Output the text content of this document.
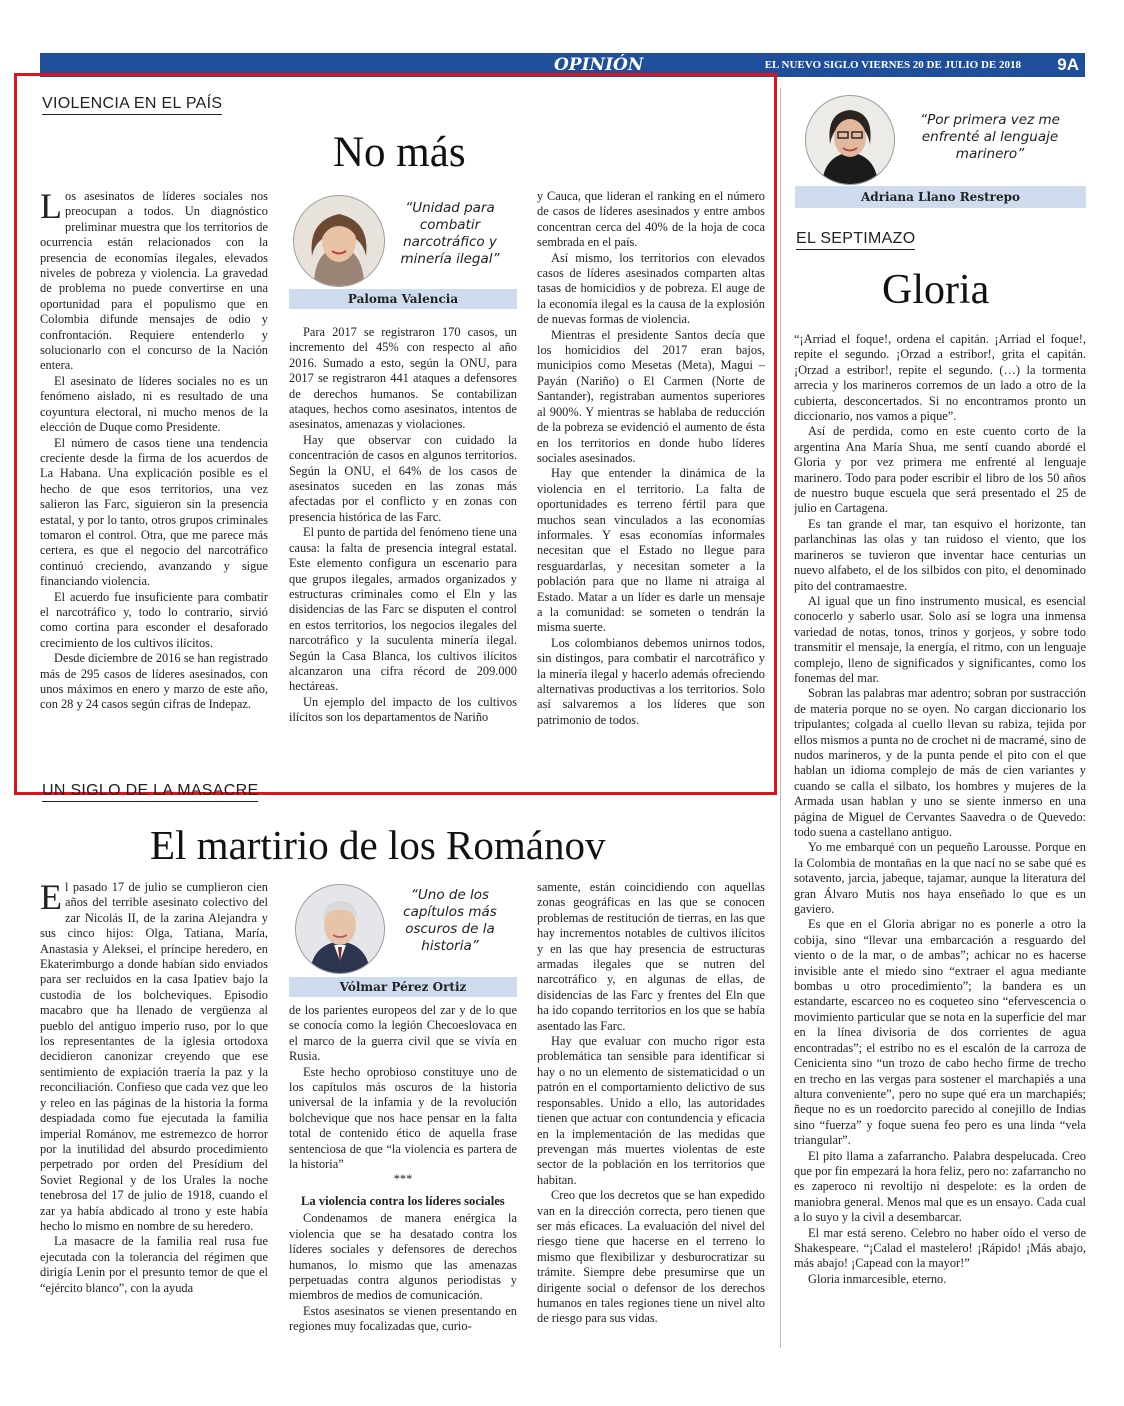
OPINIÓN	EL NUEVO SIGLO VIERNES 20 DE JULIO DE 2018 9A
VIOLENCIA EN EL PAÍS
No más

Los asesinatos de líderes sociales nos preocupan a todos. Un diagnóstico preliminar muestra que los territorios de ocurrencia están relacionados con la presencia de economías ilegales, elevados niveles de pobreza y violencia. La gravedad de problema no puede convertirse en una oportunidad para el populismo que en Colombia difunde mensajes de odio y confrontación. Requiere entenderlo y solucionarlo con el concurso de la Nación entera.

El asesinato de líderes sociales no es un fenómeno aislado, ni es resultado de una coyuntura electoral, ni mucho menos de la elección de Duque como Presidente.

El número de casos tiene una tendencia creciente desde la firma de los acuerdos de La Habana. Una explicación posible es el hecho de que esos territorios, una vez salieron las Farc, siguieron sin la presencia estatal, y por lo tanto, otros grupos criminales tomaron el control. Otra, que me parece más certera, es que el negocio del narcotráfico continuó creciendo, avanzando y sigue financiando violencia.

El acuerdo fue insuficiente para combatir el narcotráfico y, todo lo contrario, sirvió como cortina para esconder el desaforado crecimiento de los cultivos ilícitos.

Desde diciembre de 2016 se han registrado más de 295 casos de líderes asesinados, con unos máximos en enero y marzo de este año, con 28 y 24 casos según cifras de Indepaz.

“Unidad para combatir narcotráfico y minería ilegal”
Paloma Valencia

Para 2017 se registraron 170 casos, un incremento del 45% con respecto al año 2016. Sumado a esto, según la ONU, para 2017 se registraron 441 ataques a defensores de derechos humanos. Se contabilizan ataques, hechos como asesinatos, intentos de asesinatos, amenazas y violaciones.

Hay que observar con cuidado la concentración de casos en algunos territorios. Según la ONU, el 64% de los casos de asesinatos suceden en las zonas más afectadas por el conflicto y en zonas con presencia histórica de las Farc.

El punto de partida del fenómeno tiene una causa: la falta de presencia integral estatal. Este elemento configura un escenario para que grupos ilegales, armados organizados y estructuras criminales como el Eln y las disidencias de las Farc se disputen el control en estos territorios, los negocios ilegales del narcotráfico y la suculenta minería ilegal. Según la Casa Blanca, los cultivos ilícitos alcanzaron una cifra récord de 209.000 hectáreas.

Un ejemplo del impacto de los cultivos ilícitos son los departamentos de Nariño

y Cauca, que lideran el ranking en el número de casos de líderes asesinados y entre ambos concentran cerca del 40% de la hoja de coca sembrada en el país.

Así mismo, los territorios con elevados casos de líderes asesinados comparten altas tasas de homicidios y de pobreza. El auge de la economía ilegal es la causa de la explosión de nuevas formas de violencia.

Mientras el presidente Santos decía que los homicidios del 2017 eran bajos, municipios como Mesetas (Meta), Magui – Payán (Nariño) o El Carmen (Norte de Santander), registraban aumentos superiores al 900%. Y mientras se hablaba de reducción de la pobreza se evidenció el aumento de ésta en los territorios en donde hubo líderes sociales asesinados.

Hay que entender la dinámica de la violencia en el territorio. La falta de oportunidades es terreno fértil para que muchos sean vinculados a las economías informales. Y esas economías informales necesitan que el Estado no llegue para resguardarlas, y necesitan someter a la población para que no llame ni atraiga al Estado. Matar a un líder es darle un mensaje a la comunidad: se someten o tendrán la misma suerte.

Los colombianos debemos unirnos todos, sin distingos, para combatir el narcotráfico y la minería ilegal y hacerlo además ofreciendo alternativas productivas a los territorios. Solo así salvaremos a los líderes que son patrimonio de todos.

UN SIGLO DE LA MASACRE
El martirio de los Románov

El pasado 17 de julio se cumplieron cien años del terrible asesinato colectivo del zar Nicolás II, de la zarina Alejandra y sus cinco hijos: Olga, Tatiana, María, Anastasia y Aleksei, el príncipe heredero, en Ekaterimburgo a donde habían sido enviados para ser recluidos en la casa Ipatiev bajo la custodia de los bolcheviques. Episodio macabro que ha llenado de vergüenza al pueblo del antiguo imperio ruso, por lo que los representantes de la iglesia ortodoxa decidieron canonizar creyendo que ese sentimiento de expiación traería la paz y la reconciliación. Confieso que cada vez que leo y releo en las páginas de la historia la forma despiadada como fue ejecutada la familia imperial Románov, me estremezco de horror por la inutilidad del absurdo procedimiento perpetrado por orden del Presídium del Soviet Regional y de los Urales la noche tenebrosa del 17 de julio de 1918, cuando el zar ya había abdicado al trono y este había hecho lo mismo en nombre de su heredero.

La masacre de la familia real rusa fue ejecutada con la tolerancia del régimen que dirigía Lenin por el presunto temor de que el “ejército blanco”, con la ayuda

“Uno de los capítulos más oscuros de la historia”
Vólmar Pérez Ortiz

de los parientes europeos del zar y de lo que se conocía como la legión Checoeslovaca en el marco de la guerra civil que se vivía en Rusia.

Este hecho oprobioso constituye uno de los capítulos más oscuros de la historia universal de la infamia y de la revolución bolchevique que nos hace pensar en la falta total de contenido ético de aquella frase sentenciosa de que “la violencia es partera de la historia”

***

La violencia contra los líderes sociales

Condenamos de manera enérgica la violencia que se ha desatado contra los líderes sociales y defensores de derechos humanos, lo mismo que las amenazas perpetuadas contra algunos periodistas y miembros de medios de comunicación.

Estos asesinatos se vienen presentando en regiones muy focalizadas que, curio-

samente, están coincidiendo con aquellas zonas geográficas en las que se conocen problemas de restitución de tierras, en las que hay incrementos notables de cultivos ilícitos y en las que hay presencia de estructuras armadas ilegales que se nutren del narcotráfico y, en algunas de ellas, de disidencias de las Farc y frentes del Eln que ha ido copando territorios en los que se había asentado las Farc.

Hay que evaluar con mucho rigor esta problemática tan sensible para identificar si hay o no un elemento de sistematicidad o un patrón en el comportamiento delictivo de sus responsables. Unido a ello, las autoridades tienen que actuar con contundencia y eficacia en la implementación de las medidas que prevengan más muertes violentas de este sector de la población en los territorios que habitan.

Creo que los decretos que se han expedido van en la dirección correcta, pero tienen que ser más eficaces. La evaluación del nivel del riesgo tiene que hacerse en el terreno lo mismo que flexibilizar y desburocratizar su trámite. Siempre debe presumirse que un dirigente social o defensor de los derechos humanos en tales regiones tiene un nivel alto de riesgo para sus vidas.

“Por primera vez me enfrenté al lenguaje marinero”
Adriana Llano Restrepo
EL SEPTIMAZO
Gloria

“¡Arriad el foque!, ordena el capitán. ¡Arriad el foque!, repite el segundo. ¡Orzad a estribor!, grita el capitán. ¡Orzad a estribor!, repite el segundo. (…) la tormenta arrecia y los marineros corremos de un lado a otro de la cubierta, desconcertados. Si no encontramos pronto un diccionario, nos vamos a pique”.

Así de perdida, como en este cuento corto de la argentina Ana María Shua, me sentí cuando abordé el Gloria y por vez primera me enfrenté al lenguaje marinero. Todo para poder escribir el libro de los 50 años de nuestro buque escuela que será presentado el 25 de julio en Cartagena.

Es tan grande el mar, tan esquivo el horizonte, tan parlanchinas las olas y tan ruidoso el viento, que los marineros se tuvieron que inventar hace centurias un nuevo alfabeto, el de los silbidos con pito, el denominado pito del contramaestre.

Al igual que un fino instrumento musical, es esencial conocerlo y saberlo usar. Solo así se logra una inmensa variedad de notas, tonos, trinos y gorjeos, y sobre todo transmitir el mensaje, la energía, el ritmo, con un lenguaje complejo, lleno de significados y significantes, como los fonemas del mar.

Sobran las palabras mar adentro; sobran por sustracción de materia porque no se oyen. No cargan diccionario los tripulantes; colgada al cuello llevan su rabiza, tejida por ellos mismos a punta no de crochet ni de macramé, sino de nudos marineros, y de la punta pende el pito con el que hablan un idioma complejo de más de cien variantes y cuando se calla el silbato, los hombres y mujeres de la Armada usan hablan y uno se siente inmerso en una página de Miguel de Cervantes Saavedra o de Quevedo: todo suena a castellano antiguo.

Yo me embarqué con un pequeño Larousse. Porque en la Colombia de montañas en la que nací no se sabe qué es sotavento, jarcia, jabeque, tajamar, aunque la literatura del gran Álvaro Mutis nos haya enseñado lo que es un gaviero.

Es que en el Gloria abrigar no es ponerle a otro la cobija, sino “llevar una embarcación a resguardo del viento o de la mar, o de ambas”; achicar no es hacerse invisible ante el miedo sino “extraer el agua mediante bombas u otro procedimiento”; la bandera es un estandarte, escarceo no es coqueteo sino “efervescencia o movimiento particular que se nota en la superficie del mar en la línea divisoria de dos corrientes de agua encontradas”; el estribo no es el escalón de la carroza de Cenicienta sino “un trozo de cabo hecho firme de trecho en trecho en las vergas para sostener el marchapiés a una altura conveniente”, pero no supe qué era un marchapiés; ñeque no es un roedorcito parecido al conejillo de Indias sino “fuerza” y foque suena feo pero es una linda “vela triangular”.

El pito llama a zafarrancho. Palabra despelucada. Creo que por fin empezará la hora feliz, pero no: zafarrancho no es zaperoco ni revoltijo ni despelote: es la orden de maniobra general. Menos mal que es un ensayo. Cada cual a lo suyo y la civil a desembarcar.

El mar está sereno. Celebro no haber oído el verso de Shakespeare. “¡Calad el mastelero! ¡Rápido! ¡Más abajo, más abajo! ¡Capead con la mayor!”

Gloria inmarcesible, eterno.
